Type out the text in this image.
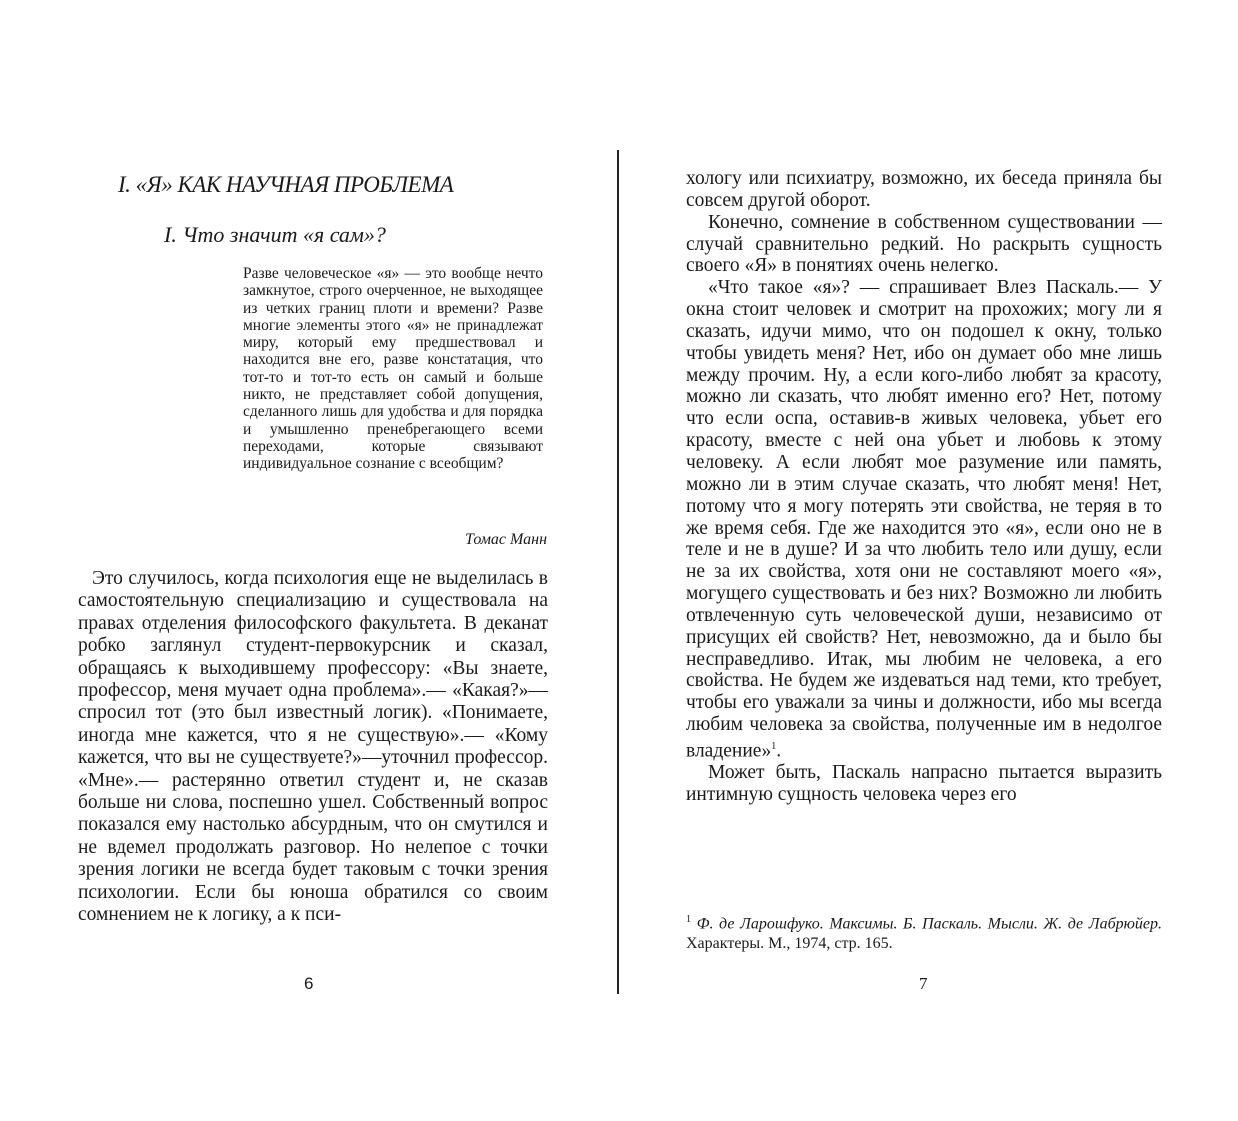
I. «Я» КАК НАУЧНАЯ ПРОБЛЕМА
I. Что значит «я сам»?
Разве человеческое «я» — это вообще нечто замкнутое, строго очерченное, не выходящее из четких границ плоти и времени? Разве многие элементы этого «я» не принадлежат миру, который ему предшествовал и находится вне его, разве констатация, что тот-то и тот-то есть он самый и больше никто, не представляет собой допущения, сделанного лишь для удобства и для порядка и умышленно пренебрегающего всеми переходами, которые связывают индивидуальное сознание с всеобщим?
Томас Манн

Это случилось, когда психология еще не выделилась в самостоятельную специализацию и существовала на правах отделения философского факультета. В деканат робко заглянул студент-первокурсник и сказал, обращаясь к выходившему профессору: «Вы знаете, профессор, меня мучает одна проблема».— «Какая?»— спросил тот (это был известный логик). «Понимаете, иногда мне кажется, что я не существую».— «Кому кажется, что вы не существуете?»—уточнил профессор. «Мне».— растерянно ответил студент и, не сказав больше ни слова, поспешно ушел. Собственный вопрос показался ему настолько абсурдным, что он смутился и не вдемел продолжать разговор. Но нелепое с точки зрения логики не всегда будет таковым с точки зрения психологии. Если бы юноша обратился со своим сомнением не к логику, а к пси-

6

хологу или психиатру, возможно, их беседа приняла бы совсем другой оборот.

Конечно, сомнение в собственном существовании — случай сравнительно редкий. Но раскрыть сущность своего «Я» в понятиях очень нелегко.

«Что такое «я»? — спрашивает Влез Паскаль.— У окна стоит человек и смотрит на прохожих; могу ли я сказать, идучи мимо, что он подошел к окну, только чтобы увидеть меня? Нет, ибо он думает обо мне лишь между прочим. Ну, а если кого-либо любят за красоту, можно ли сказать, что любят именно его? Нет, потому что если оспа, оставив-в живых человека, убьет его красоту, вместе с ней она убьет и любовь к этому человеку. А если любят мое разумение или память, можно ли в этим случае сказать, что любят меня! Нет, потому что я могу потерять эти свойства, не теряя в то же время себя. Где же находится это «я», если оно не в теле и не в душе? И за что любить тело или душу, если не за их свойства, хотя они не составляют моего «я», могущего существовать и без них? Возможно ли любить отвлеченную суть человеческой души, независимо от присущих ей свойств? Нет, невозможно, да и было бы несправедливо. Итак, мы любим не человека, а его свойства. Не будем же издеваться над теми, кто требует, чтобы его уважали за чины и должности, ибо мы всегда любим человека за свойства, полученные им в недолгое владение»$^1$.

Может быть, Паскаль напрасно пытается выразить интимную сущность человека через его

$^1$ Ф. де Ларошфуко. Максимы. Б. Паскаль. Мысли. Ж. де Лабрюйер. Характеры. М., 1974, стр. 165.
7
